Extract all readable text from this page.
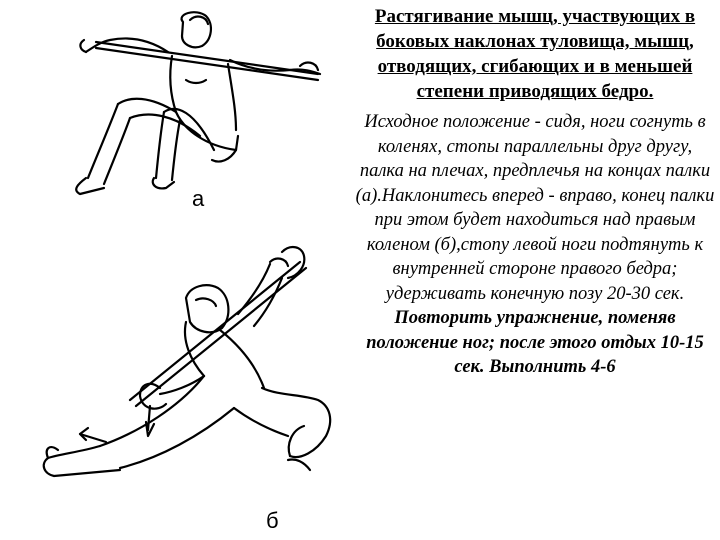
а
б

Растягивание мышц, участвующих в боковых наклонах туловища, мышц, отводящих, сгибающих и в меньшей степени приводящих бедро.

Исходное положение - сидя, ноги согнуть в коленях, стопы параллельны друг другу, палка на плечах, предплечья на концах палки (а).Наклонитесь вперед - вправо, конец палки при этом будет находиться над правым коленом (б),стопу левой ноги подтянуть к внутренней стороне правого бедра; удерживать конечную позу 20-30 сек. Повторить упражнение, поменяв положение ног; после этого отдых 10-15 сек. Выполнить 4-6
